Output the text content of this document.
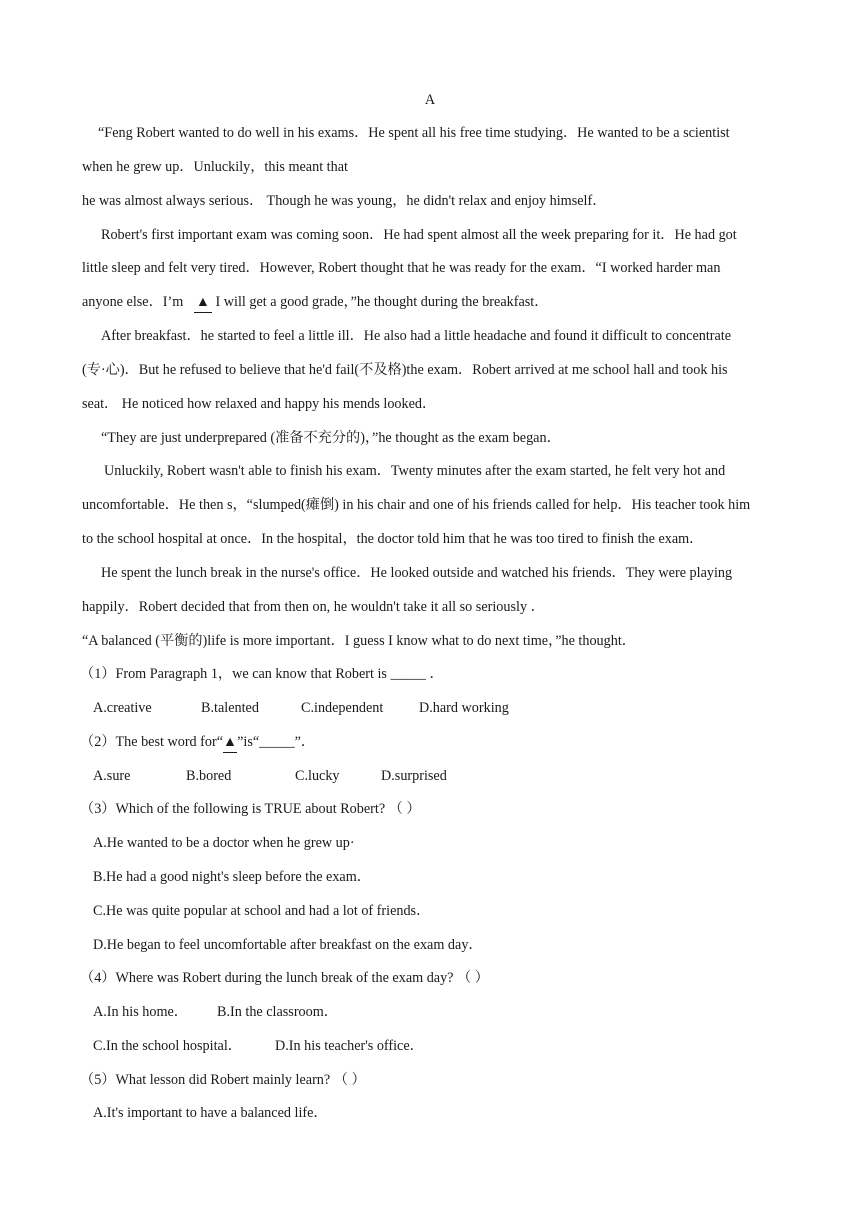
A
“Feng Robert wanted to do well in his exams．He spent all his free time studying．He wanted to be a scientist
when he grew up．Unluckily，this meant that
he was almost always serious． Though he was young，he didn't relax and enjoy himself．
Robert's first important exam was coming soon．He had spent almost all the week preparing for it．He had got
little sleep and felt very tired．However, Robert thought that he was ready for the exam．“I worked harder man
anyone else．I’m ▲ I will get a good grade，”he thought during the breakfast．
After breakfast．he started to feel a little ill．He also had a little headache and found it difficult to concentrate
(专·心)．But he refused to believe that he'd fail(不及格)the exam．Robert arrived at me school hall and took his
seat． He noticed how relaxed and happy his mends looked．
“They are just underprepared (准备不充分的)，”he thought as the exam began．
Unluckily, Robert wasn't able to finish his exam．Twenty minutes after the exam started, he felt very hot and
uncomfortable．He then s，“slumped(瘫倒) in his chair and one of his friends called for help．His teacher took him
to the school hospital at once．In the hospital，the doctor told him that he was too tired to finish the exam．
He spent the lunch break in the nurse's office．He looked outside and watched his friends．They were playing
happily．Robert decided that from then on, he wouldn't take it all so seriously ．
“A balanced (平衡的)life is more important．I guess I know what to do next time，”he thought．
（1）From Paragraph 1，we can know that Robert is _____ ．
A.creative	B.talented	C.independent	D.hard working
（2）The best word for“▲”is“_____”．
A.sure	B.bored	C.lucky	D.surprised
（3）Which of the following is TRUE about Robert? （ ）
A.He wanted to be a doctor when he grew up·
B.He had a good night's sleep before the exam．
C.He was quite popular at school and had a lot of friends．
D.He began to feel uncomfortable after breakfast on the exam day．
（4）Where was Robert during the lunch break of the exam day? （ ）
A.In his home． B.In the classroom．
C.In the school hospital． D.In his teacher's office．
（5）What lesson did Robert mainly learn? （ ）
A.It's important to have a balanced life．
